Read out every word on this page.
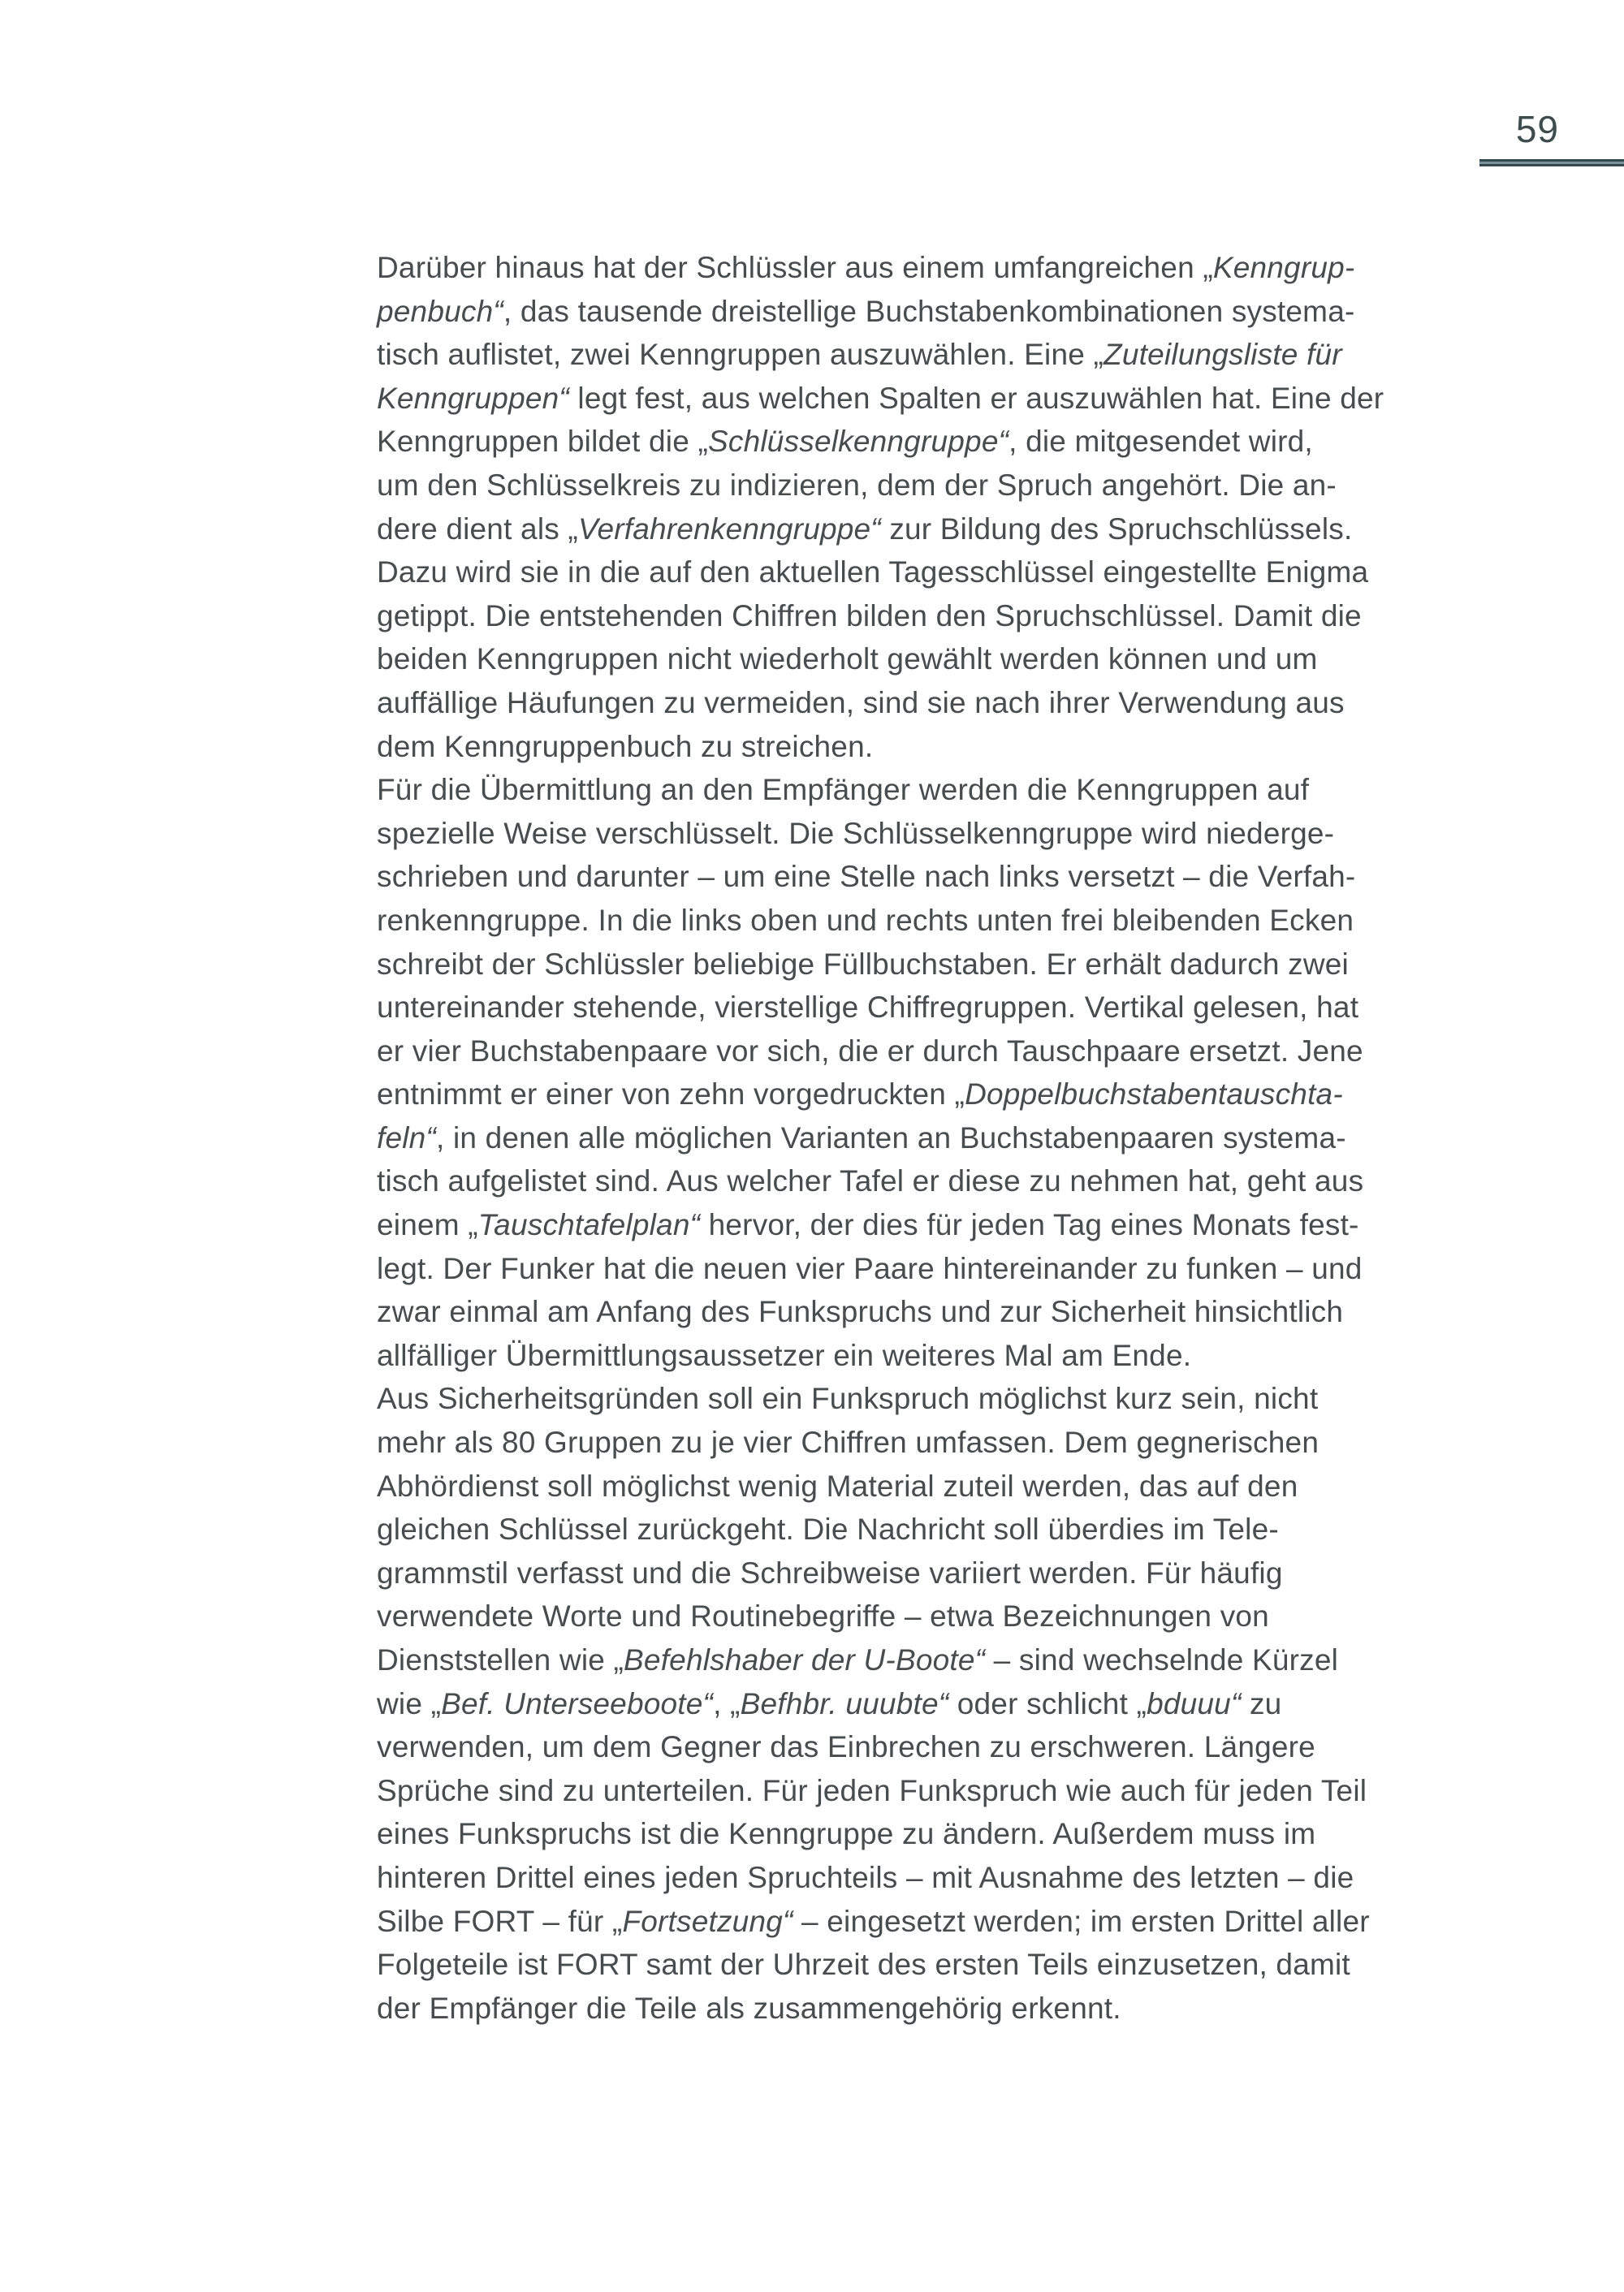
59
Darüber hinaus hat der Schlüssler aus einem umfangreichen „Kenngrup-
penbuch“, das tausende dreistellige Buchstabenkombinationen systema-
tisch auflistet, zwei Kenngruppen auszuwählen. Eine „Zuteilungsliste für
Kenngruppen“ legt fest, aus welchen Spalten er auszuwählen hat. Eine der
Kenngruppen bildet die „Schlüsselkenngruppe“, die mitgesendet wird,
um den Schlüsselkreis zu indizieren, dem der Spruch angehört. Die an-
dere dient als „Verfahrenkenngruppe“ zur Bildung des Spruchschlüssels.
Dazu wird sie in die auf den aktuellen Tagesschlüssel eingestellte Enigma
getippt. Die entstehenden Chiffren bilden den Spruchschlüssel. Damit die
beiden Kenngruppen nicht wiederholt gewählt werden können und um
auffällige Häufungen zu vermeiden, sind sie nach ihrer Verwendung aus
dem Kenngruppenbuch zu streichen.
Für die Übermittlung an den Empfänger werden die Kenngruppen auf
spezielle Weise verschlüsselt. Die Schlüsselkenngruppe wird niederge-
schrieben und darunter – um eine Stelle nach links versetzt – die Verfah-
renkenngruppe. In die links oben und rechts unten frei bleibenden Ecken
schreibt der Schlüssler beliebige Füllbuchstaben. Er erhält dadurch zwei
untereinander stehende, vierstellige Chiffregruppen. Vertikal gelesen, hat
er vier Buchstabenpaare vor sich, die er durch Tauschpaare ersetzt. Jene
entnimmt er einer von zehn vorgedruckten „Doppelbuchstabentauschta-
feln“, in denen alle möglichen Varianten an Buchstabenpaaren systema-
tisch aufgelistet sind. Aus welcher Tafel er diese zu nehmen hat, geht aus
einem „Tauschtafelplan“ hervor, der dies für jeden Tag eines Monats fest-
legt. Der Funker hat die neuen vier Paare hintereinander zu funken – und
zwar einmal am Anfang des Funkspruchs und zur Sicherheit hinsichtlich
allfälliger Übermittlungsaussetzer ein weiteres Mal am Ende.
Aus Sicherheitsgründen soll ein Funkspruch möglichst kurz sein, nicht
mehr als 80 Gruppen zu je vier Chiffren umfassen. Dem gegnerischen
Abhördienst soll möglichst wenig Material zuteil werden, das auf den
gleichen Schlüssel zurückgeht. Die Nachricht soll überdies im Tele-
grammstil verfasst und die Schreibweise variiert werden. Für häufig
verwendete Worte und Routinebegriffe – etwa Bezeichnungen von
Dienststellen wie „Befehlshaber der U-Boote“ – sind wechselnde Kürzel
wie „Bef. Unterseeboote“, „Befhbr. uuubte“ oder schlicht „bduuu“ zu
verwenden, um dem Gegner das Einbrechen zu erschweren. Längere
Sprüche sind zu unterteilen. Für jeden Funkspruch wie auch für jeden Teil
eines Funkspruchs ist die Kenngruppe zu ändern. Außerdem muss im
hinteren Drittel eines jeden Spruchteils – mit Ausnahme des letzten – die
Silbe FORT – für „Fortsetzung“ – eingesetzt werden; im ersten Drittel aller
Folgeteile ist FORT samt der Uhrzeit des ersten Teils einzusetzen, damit
der Empfänger die Teile als zusammengehörig erkennt.
